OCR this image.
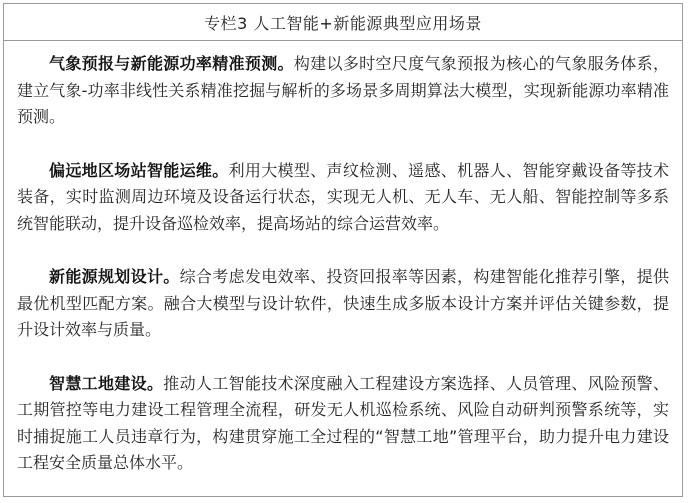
专栏3 人工智能+新能源典型应用场景

气象预报与新能源功率精准预测。构建以多时空尺度气象预报为核心的气象服务体系，建立气象-功率非线性关系精准挖掘与解析的多场景多周期算法大模型，实现新能源功率精准预测。

偏远地区场站智能运维。利用大模型、声纹检测、遥感、机器人、智能穿戴设备等技术装备，实时监测周边环境及设备运行状态，实现无人机、无人车、无人船、智能控制等多系统智能联动，提升设备巡检效率，提高场站的综合运营效率。

新能源规划设计。综合考虑发电效率、投资回报率等因素，构建智能化推荐引擎，提供最优机型匹配方案。融合大模型与设计软件，快速生成多版本设计方案并评估关键参数，提升设计效率与质量。

智慧工地建设。推动人工智能技术深度融入工程建设方案选择、人员管理、风险预警、工期管控等电力建设工程管理全流程，研发无人机巡检系统、风险自动研判预警系统等，实时捕捉施工人员违章行为，构建贯穿施工全过程的“智慧工地”管理平台，助力提升电力建设工程安全质量总体水平。
